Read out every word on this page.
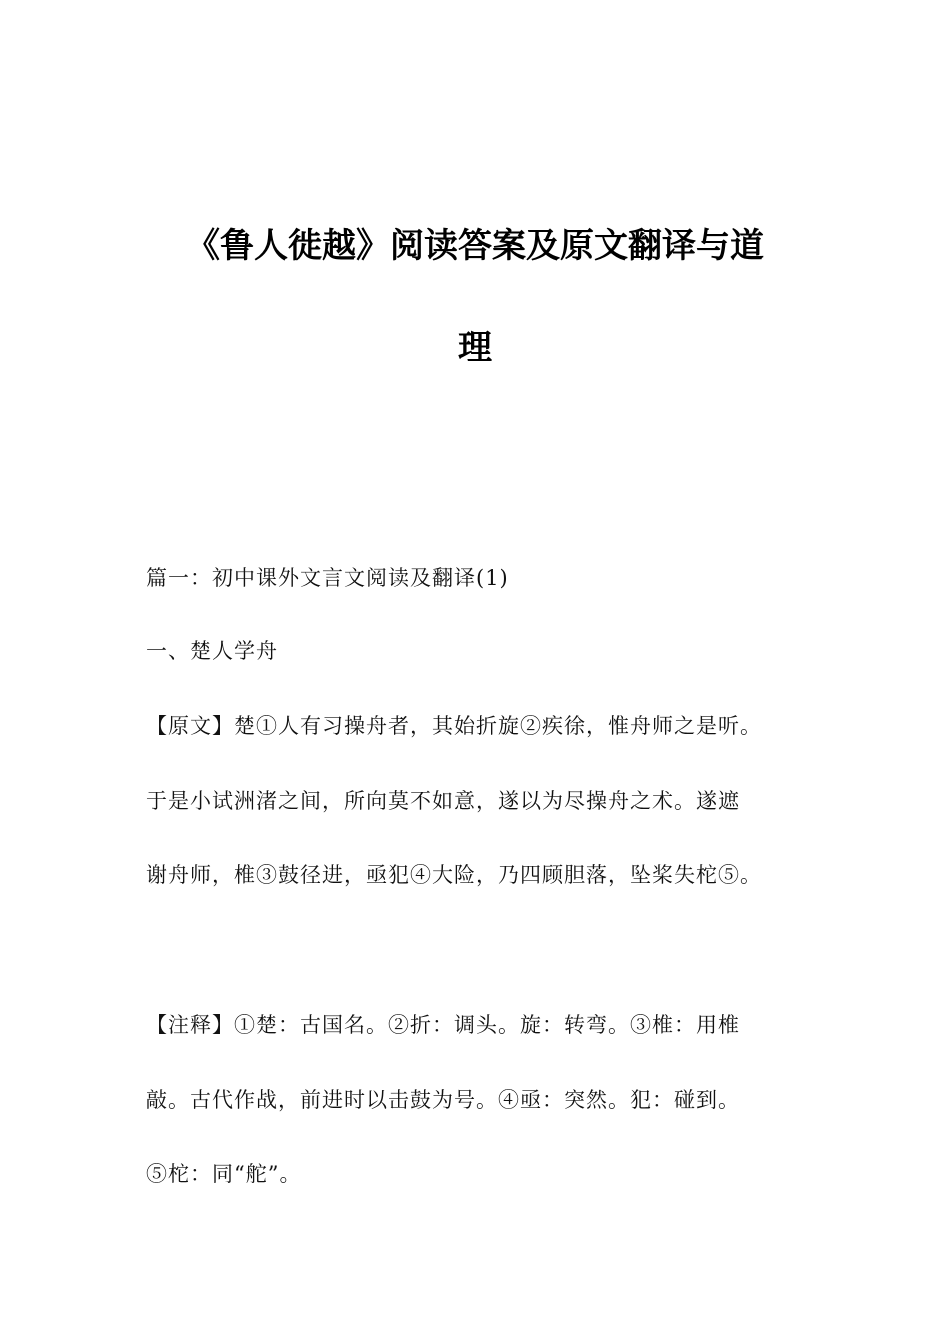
《鲁人徙越》阅读答案及原文翻译与道
理
篇一：初中课外文言文阅读及翻译(1)
一、楚人学舟
【原文】楚①人有习操舟者，其始折旋②疾徐，惟舟师之是听。
于是小试洲渚之间，所向莫不如意，遂以为尽操舟之术。遂遮
谢舟师，椎③鼓径进，亟犯④大险，乃四顾胆落，坠桨失柁⑤。
【注释】①楚：古国名。②折：调头。旋：转弯。③椎：用椎
敲。古代作战，前进时以击鼓为号。④亟：突然。犯：碰到。
⑤柁：同“舵”。
